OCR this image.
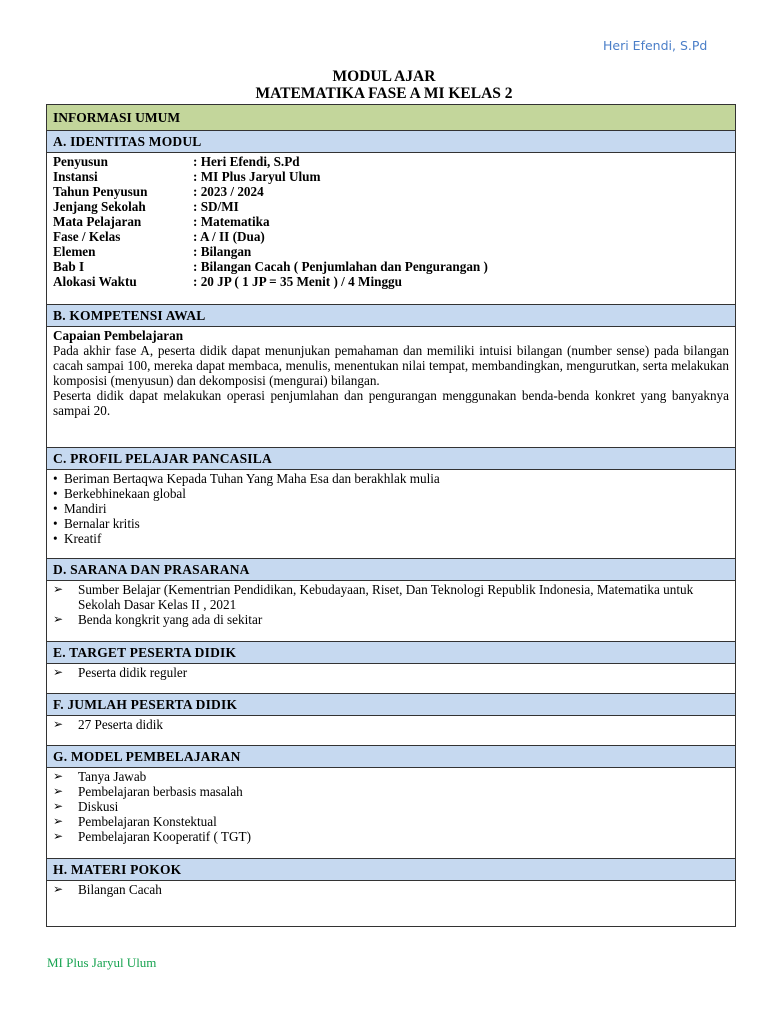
Heri Efendi, S.Pd
MODUL AJAR
MATEMATIKA FASE A MI KELAS 2
INFORMASI UMUM
A. IDENTITAS MODUL

Penyusun	: Heri Efendi, S.Pd
Instansi	: MI Plus Jaryul Ulum
Tahun Penyusun	: 2023 / 2024
Jenjang Sekolah	: SD/MI
Mata Pelajaran	: Matematika
Fase / Kelas	: A / II (Dua)
Elemen	: Bilangan
Bab I	: Bilangan Cacah ( Penjumlahan dan Pengurangan )
Alokasi Waktu	: 20 JP ( 1 JP = 35 Menit ) / 4 Minggu

B. KOMPETENSI AWAL

Capaian Pembelajaran
Pada akhir fase A, peserta didik dapat menunjukan pemahaman dan memiliki intuisi bilangan (number sense) pada bilangan cacah sampai 100, mereka dapat membaca, menulis, menentukan nilai tempat, membandingkan, mengurutkan, serta melakukan komposisi (menyusun) dan dekomposisi (mengurai) bilangan.
Peserta didik dapat melakukan operasi penjumlahan dan pengurangan menggunakan benda-benda konkret yang banyaknya sampai 20.

C. PROFIL PELAJAR PANCASILA

• Beriman Bertaqwa Kepada Tuhan Yang Maha Esa dan berakhlak mulia
• Berkebhinekaan global
• Mandiri
• Bernalar kritis
• Kreatif

D. SARANA DAN PRASARANA

➢	Sumber Belajar (Kementrian Pendidikan, Kebudayaan, Riset, Dan Teknologi Republik Indonesia, Matematika untuk Sekolah Dasar Kelas II , 2021
➢	Benda kongkrit yang ada di sekitar

E. TARGET PESERTA DIDIK

➢	Peserta didik reguler

F. JUMLAH PESERTA DIDIK

➢	27 Peserta didik

G. MODEL PEMBELAJARAN

➢	Tanya Jawab
➢	Pembelajaran berbasis masalah
➢	Diskusi
➢	Pembelajaran Konstektual
➢	Pembelajaran Kooperatif ( TGT)

H. MATERI POKOK

➢	Bilangan Cacah
MI Plus Jaryul Ulum
